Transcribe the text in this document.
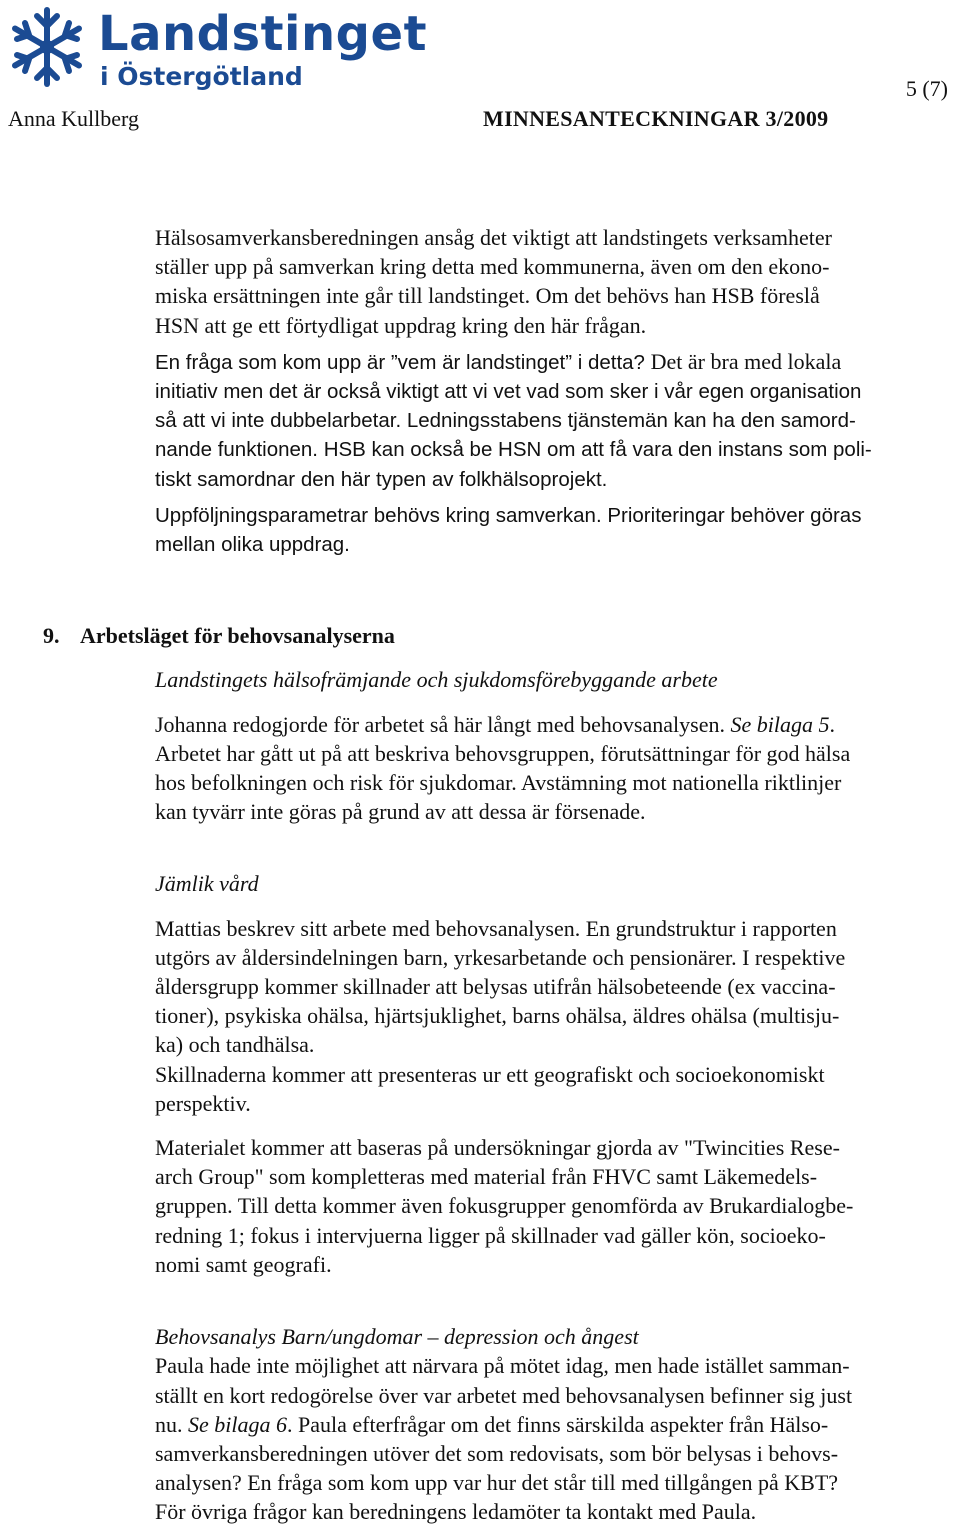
Landstinget
i Östergötland	5 (7)
Anna Kullberg	MINNESANTECKNINGAR 3/2009

Hälsosamverkansberedningen ansåg det viktigt att landstingets verksamheter
ställer upp på samverkan kring detta med kommunerna, även om den ekono-
miska ersättningen inte går till landstinget. Om det behövs han HSB föreslå
HSN att ge ett förtydligat uppdrag kring den här frågan.

En fråga som kom upp är ”vem är landstinget” i detta? Det är bra med lokala
initiativ men det är också viktigt att vi vet vad som sker i vår egen organisation
så att vi inte dubbelarbetar. Ledningsstabens tjänstemän kan ha den samord-
nande funktionen. HSB kan också be HSN om att få vara den instans som poli-
tiskt samordnar den här typen av folkhälsoprojekt.

Uppföljningsparametrar behövs kring samverkan. Prioriteringar behöver göras
mellan olika uppdrag.

9. Arbetsläget för behovsanalyserna

Landstingets hälsofrämjande och sjukdomsförebyggande arbete

Johanna redogjorde för arbetet så här långt med behovsanalysen. Se bilaga 5.
Arbetet har gått ut på att beskriva behovsgruppen, förutsättningar för god hälsa
hos befolkningen och risk för sjukdomar. Avstämning mot nationella riktlinjer
kan tyvärr inte göras på grund av att dessa är försenade.

Jämlik vård

Mattias beskrev sitt arbete med behovsanalysen. En grundstruktur i rapporten
utgörs av åldersindelningen barn, yrkesarbetande och pensionärer. I respektive
åldersgrupp kommer skillnader att belysas utifrån hälsobeteende (ex vaccina-
tioner), psykiska ohälsa, hjärtsjuklighet, barns ohälsa, äldres ohälsa (multisju-
ka) och tandhälsa.
Skillnaderna kommer att presenteras ur ett geografiskt och socioekonomiskt
perspektiv.

Materialet kommer att baseras på undersökningar gjorda av "Twincities Rese-
arch Group" som kompletteras med material från FHVC samt Läkemedels-
gruppen. Till detta kommer även fokusgrupper genomförda av Brukardialogbe-
redning 1; fokus i intervjuerna ligger på skillnader vad gäller kön, socioeko-
nomi samt geografi.

Behovsanalys Barn/ungdomar – depression och ångest

Paula hade inte möjlighet att närvara på mötet idag, men hade istället samman-
ställt en kort redogörelse över var arbetet med behovsanalysen befinner sig just
nu. Se bilaga 6. Paula efterfrågar om det finns särskilda aspekter från Hälso-
samverkansberedningen utöver det som redovisats, som bör belysas i behovs-
analysen? En fråga som kom upp var hur det står till med tillgången på KBT?
För övriga frågor kan beredningens ledamöter ta kontakt med Paula.
